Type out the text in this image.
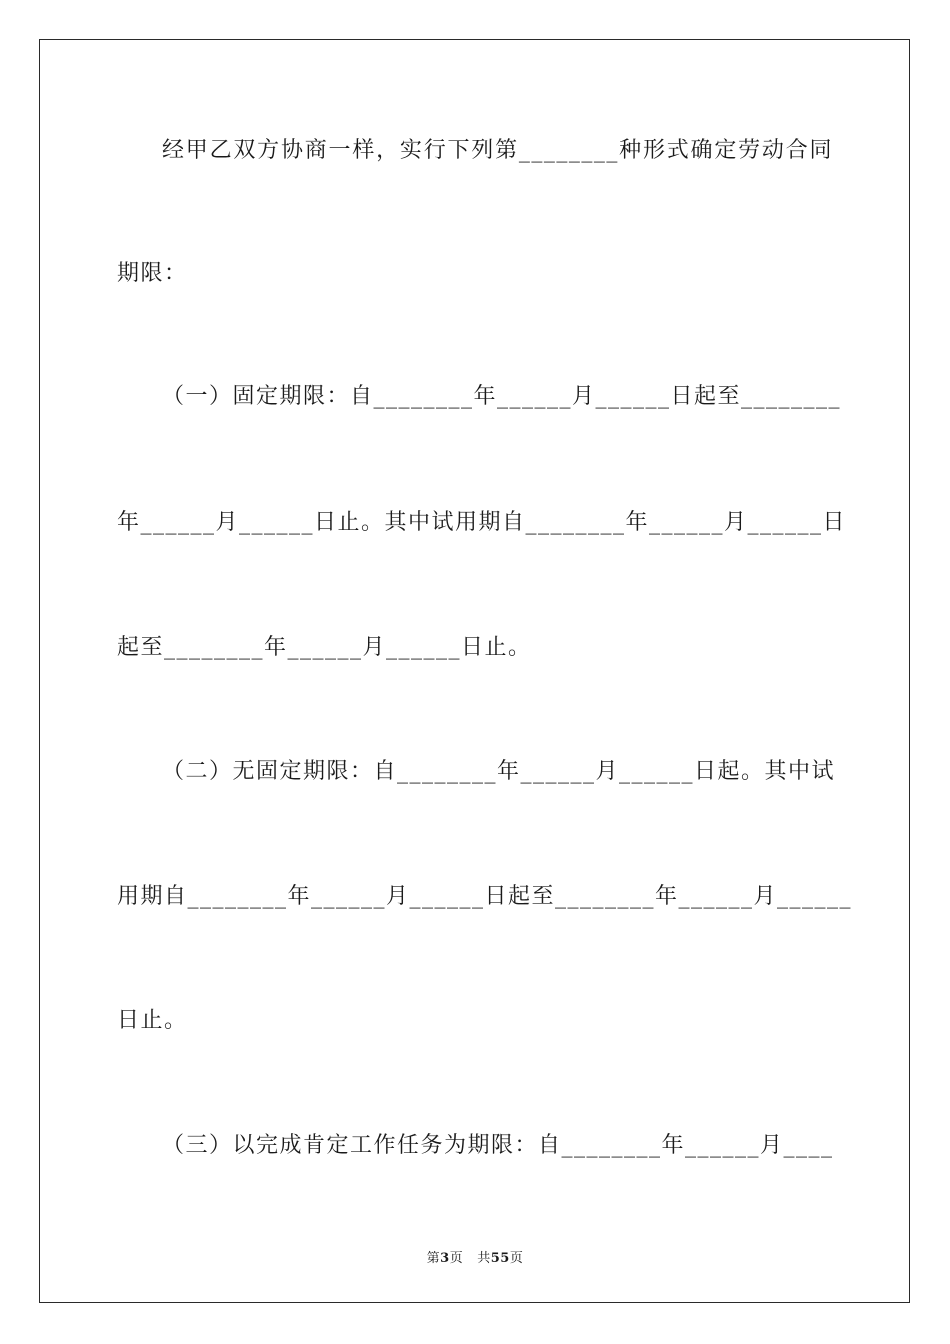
经甲乙双方协商一样，实行下列第________种形式确定劳动合同
期限：
（一）固定期限：自________年______月______日起至________
年______月______日止。其中试用期自________年______月______日
起至________年______月______日止。
（二）无固定期限：自________年______月______日起。其中试
用期自________年______月______日起至________年______月______
日止。
（三）以完成肯定工作任务为期限：自________年______月____
第3页 共55页
